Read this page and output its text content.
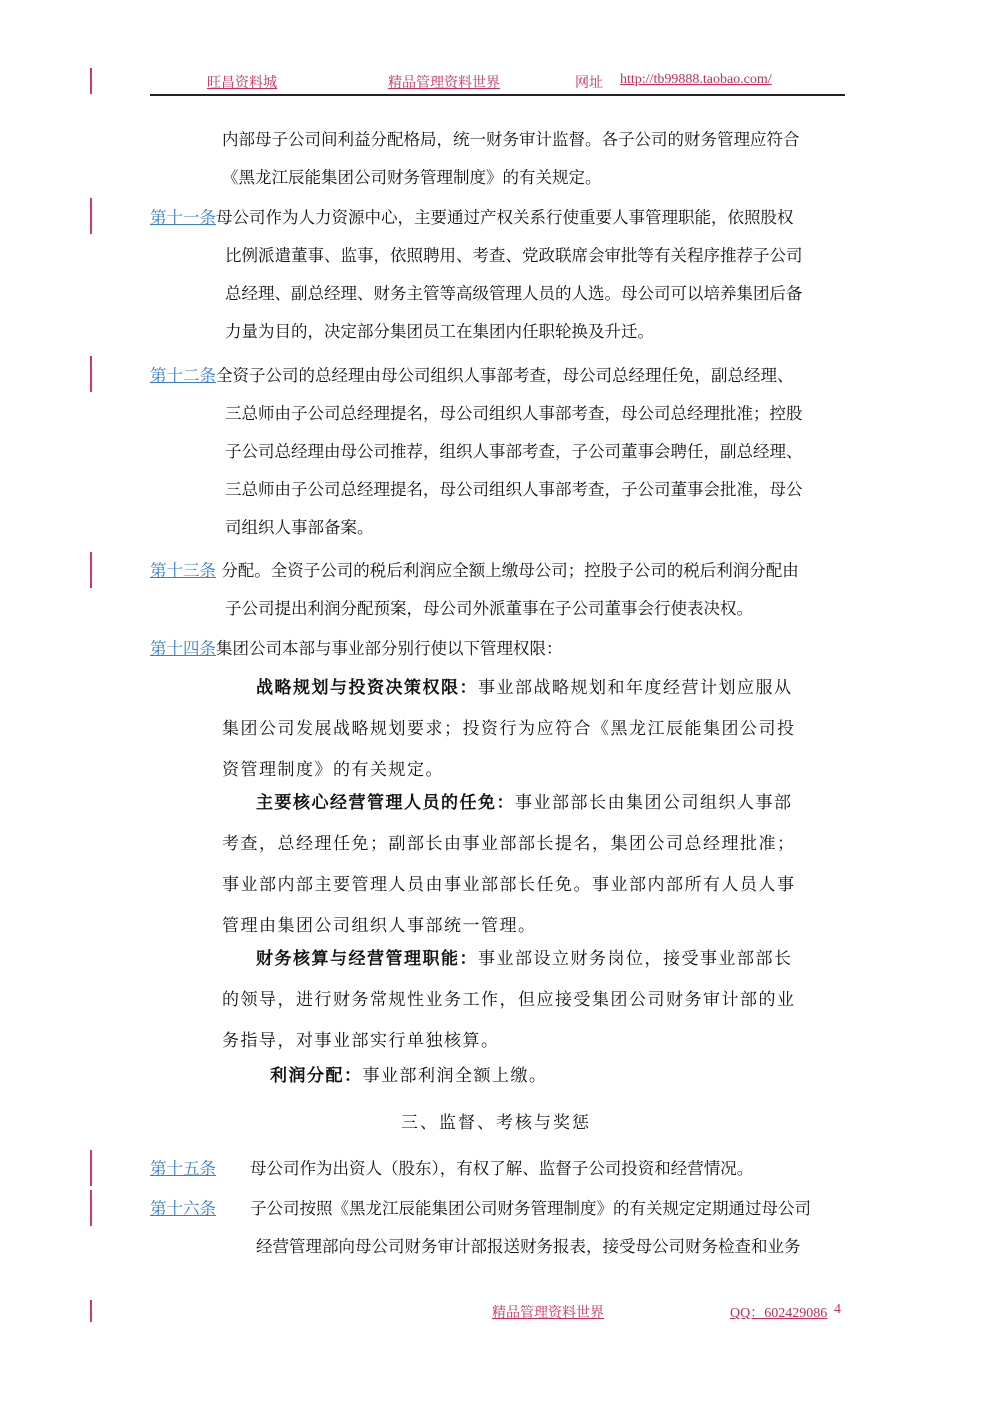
旺昌资料城	精品管理资料世界	网址 http://tb99888.taobao.com/
内部母子公司间利益分配格局，统一财务审计监督。各子公司的财务管理应符合
《黑龙江辰能集团公司财务管理制度》的有关规定。
第十一条母公司作为人力资源中心，主要通过产权关系行使重要人事管理职能，依照股权
比例派遣董事、监事，依照聘用、考查、党政联席会审批等有关程序推荐子公司
总经理、副总经理、财务主管等高级管理人员的人选。母公司可以培养集团后备
力量为目的，决定部分集团员工在集团内任职轮换及升迁。
第十二条全资子公司的总经理由母公司组织人事部考查，母公司总经理任免，副总经理、
三总师由子公司总经理提名，母公司组织人事部考查，母公司总经理批准；控股
子公司总经理由母公司推荐，组织人事部考查，子公司董事会聘任，副总经理、
三总师由子公司总经理提名，母公司组织人事部考查，子公司董事会批准，母公
司组织人事部备案。
第十三条 分配。全资子公司的税后利润应全额上缴母公司；控股子公司的税后利润分配由
子公司提出利润分配预案，母公司外派董事在子公司董事会行使表决权。
第十四条集团公司本部与事业部分别行使以下管理权限：
战略规划与投资决策权限：事业部战略规划和年度经营计划应服从
集团公司发展战略规划要求；投资行为应符合《黑龙江辰能集团公司投
资管理制度》的有关规定。
主要核心经营管理人员的任免：事业部部长由集团公司组织人事部
考查，总经理任免；副部长由事业部部长提名，集团公司总经理批准；
事业部内部主要管理人员由事业部部长任免。事业部内部所有人员人事
管理由集团公司组织人事部统一管理。
财务核算与经营管理职能：事业部设立财务岗位，接受事业部部长
的领导，进行财务常规性业务工作，但应接受集团公司财务审计部的业
务指导，对事业部实行单独核算。
利润分配：事业部利润全额上缴。
三、监督、考核与奖惩
第十五条 母公司作为出资人（股东），有权了解、监督子公司投资和经营情况。
第十六条 子公司按照《黑龙江辰能集团公司财务管理制度》的有关规定定期通过母公司
经营管理部向母公司财务审计部报送财务报表，接受母公司财务检查和业务
精品管理资料世界	QQ：602429086 4
